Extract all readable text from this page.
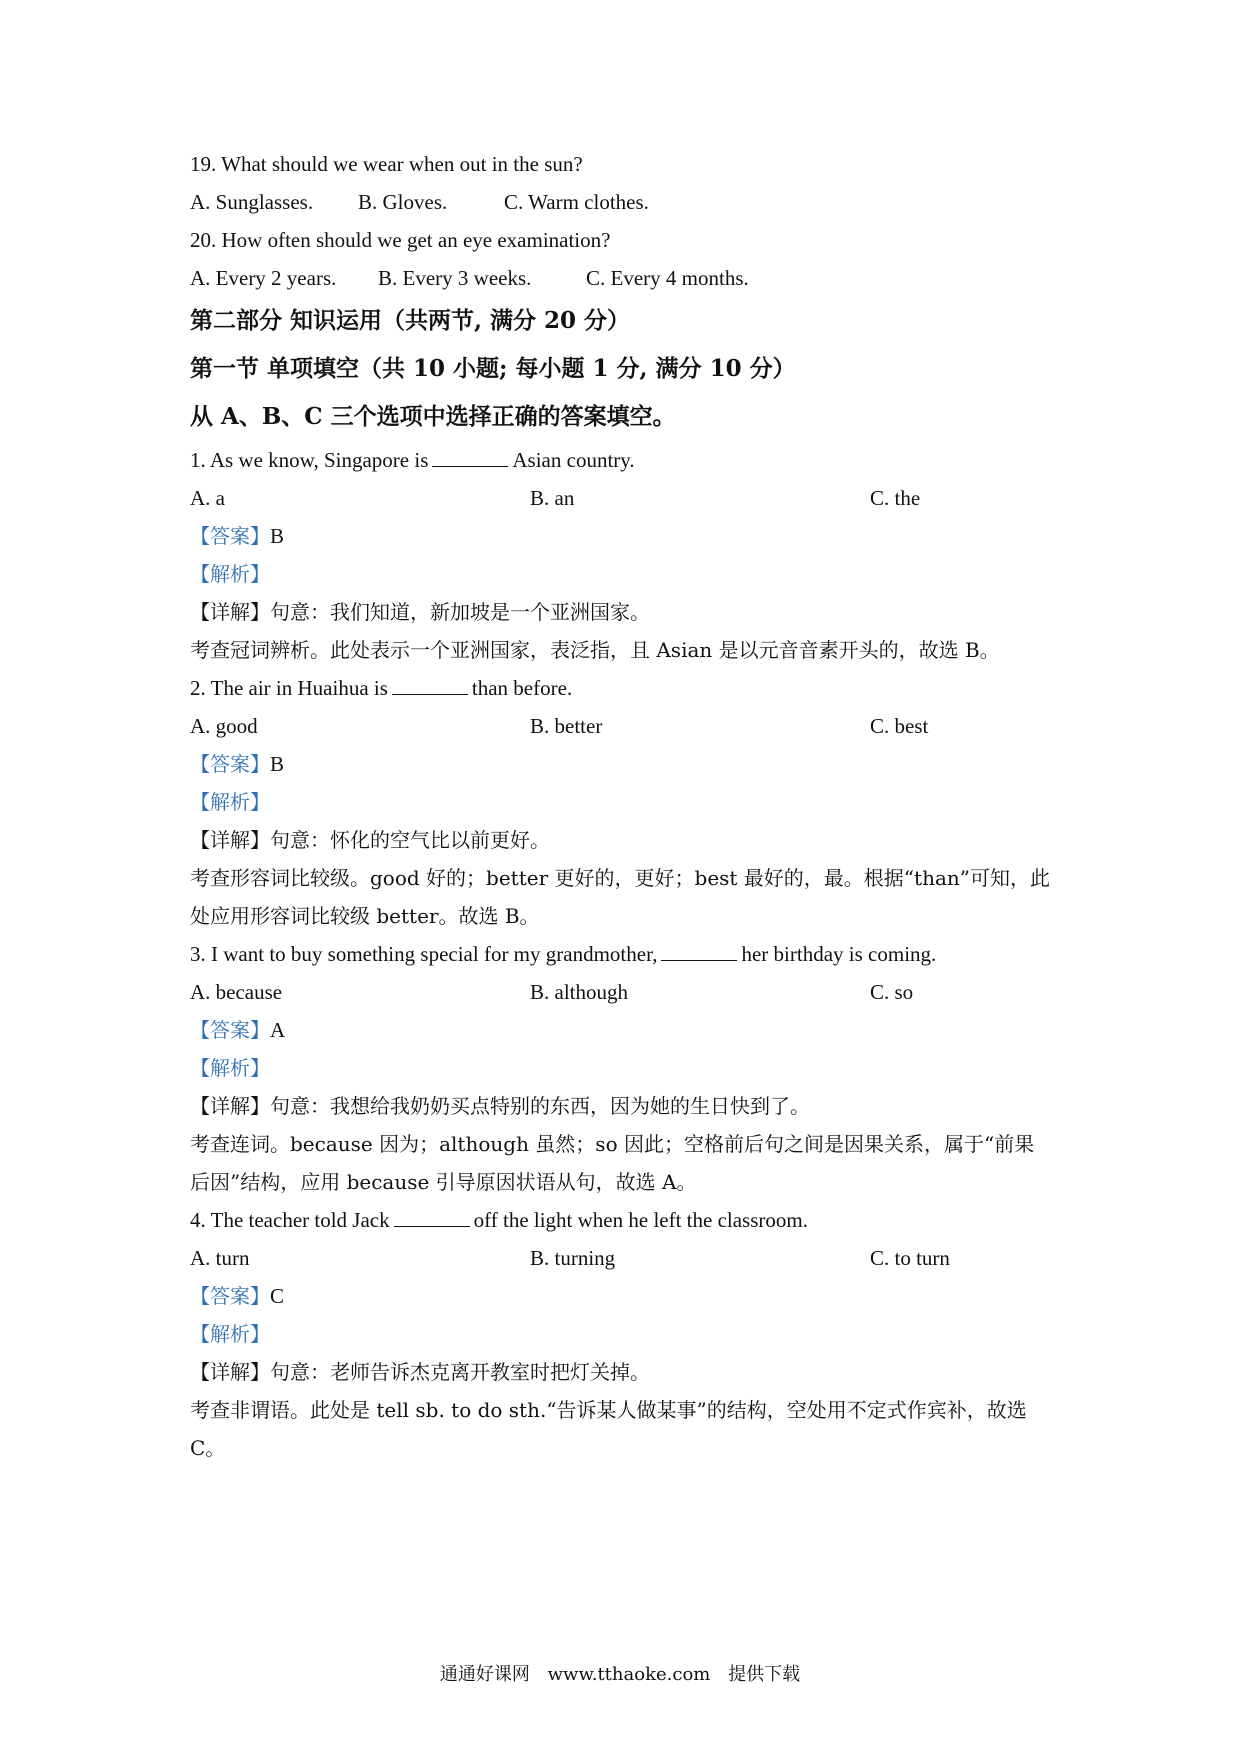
19. What should we wear when out in the sun?

A. Sunglasses. B. Gloves.	C. Warm clothes.

20. How often should we get an eye examination?

A. Every 2 years. B. Every 3 weeks.	C. Every 4 months.
第二部分 知识运用（共两节, 满分 20 分）
第一节 单项填空（共 10 小题; 每小题 1 分, 满分 10 分）
从 A、B、C 三个选项中选择正确的答案填空。

1. As we know, Singapore is	Asian country.

A. a	B. an	C. the

【答案】B

【解析】

【详解】句意：我们知道，新加坡是一个亚洲国家。

考查冠词辨析。此处表示一个亚洲国家，表泛指，且 Asian 是以元音音素开头的，故选 B。

2. The air in Huaihua is	than before.

A. good	B. better	C. best

【答案】B

【解析】

【详解】句意：怀化的空气比以前更好。

考查形容词比较级。good 好的；better 更好的，更好；best 最好的，最。根据“than”可知，此处应用形容词比较级 better。故选 B。

3. I want to buy something special for my grandmother,	her birthday is coming.

A. because	B. although	C. so

【答案】A

【解析】

【详解】句意：我想给我奶奶买点特别的东西，因为她的生日快到了。

考查连词。because 因为；although 虽然；so 因此；空格前后句之间是因果关系，属于“前果后因”结构，应用 because 引导原因状语从句，故选 A。

4. The teacher told Jack	off the light when he left the classroom.

A. turn	B. turning	C. to turn

【答案】C

【解析】

【详解】句意：老师告诉杰克离开教室时把灯关掉。

考查非谓语。此处是 tell sb. to do sth.“告诉某人做某事”的结构，空处用不定式作宾补，故选 C。

通通好课网 www.tthaoke.com 提供下载
